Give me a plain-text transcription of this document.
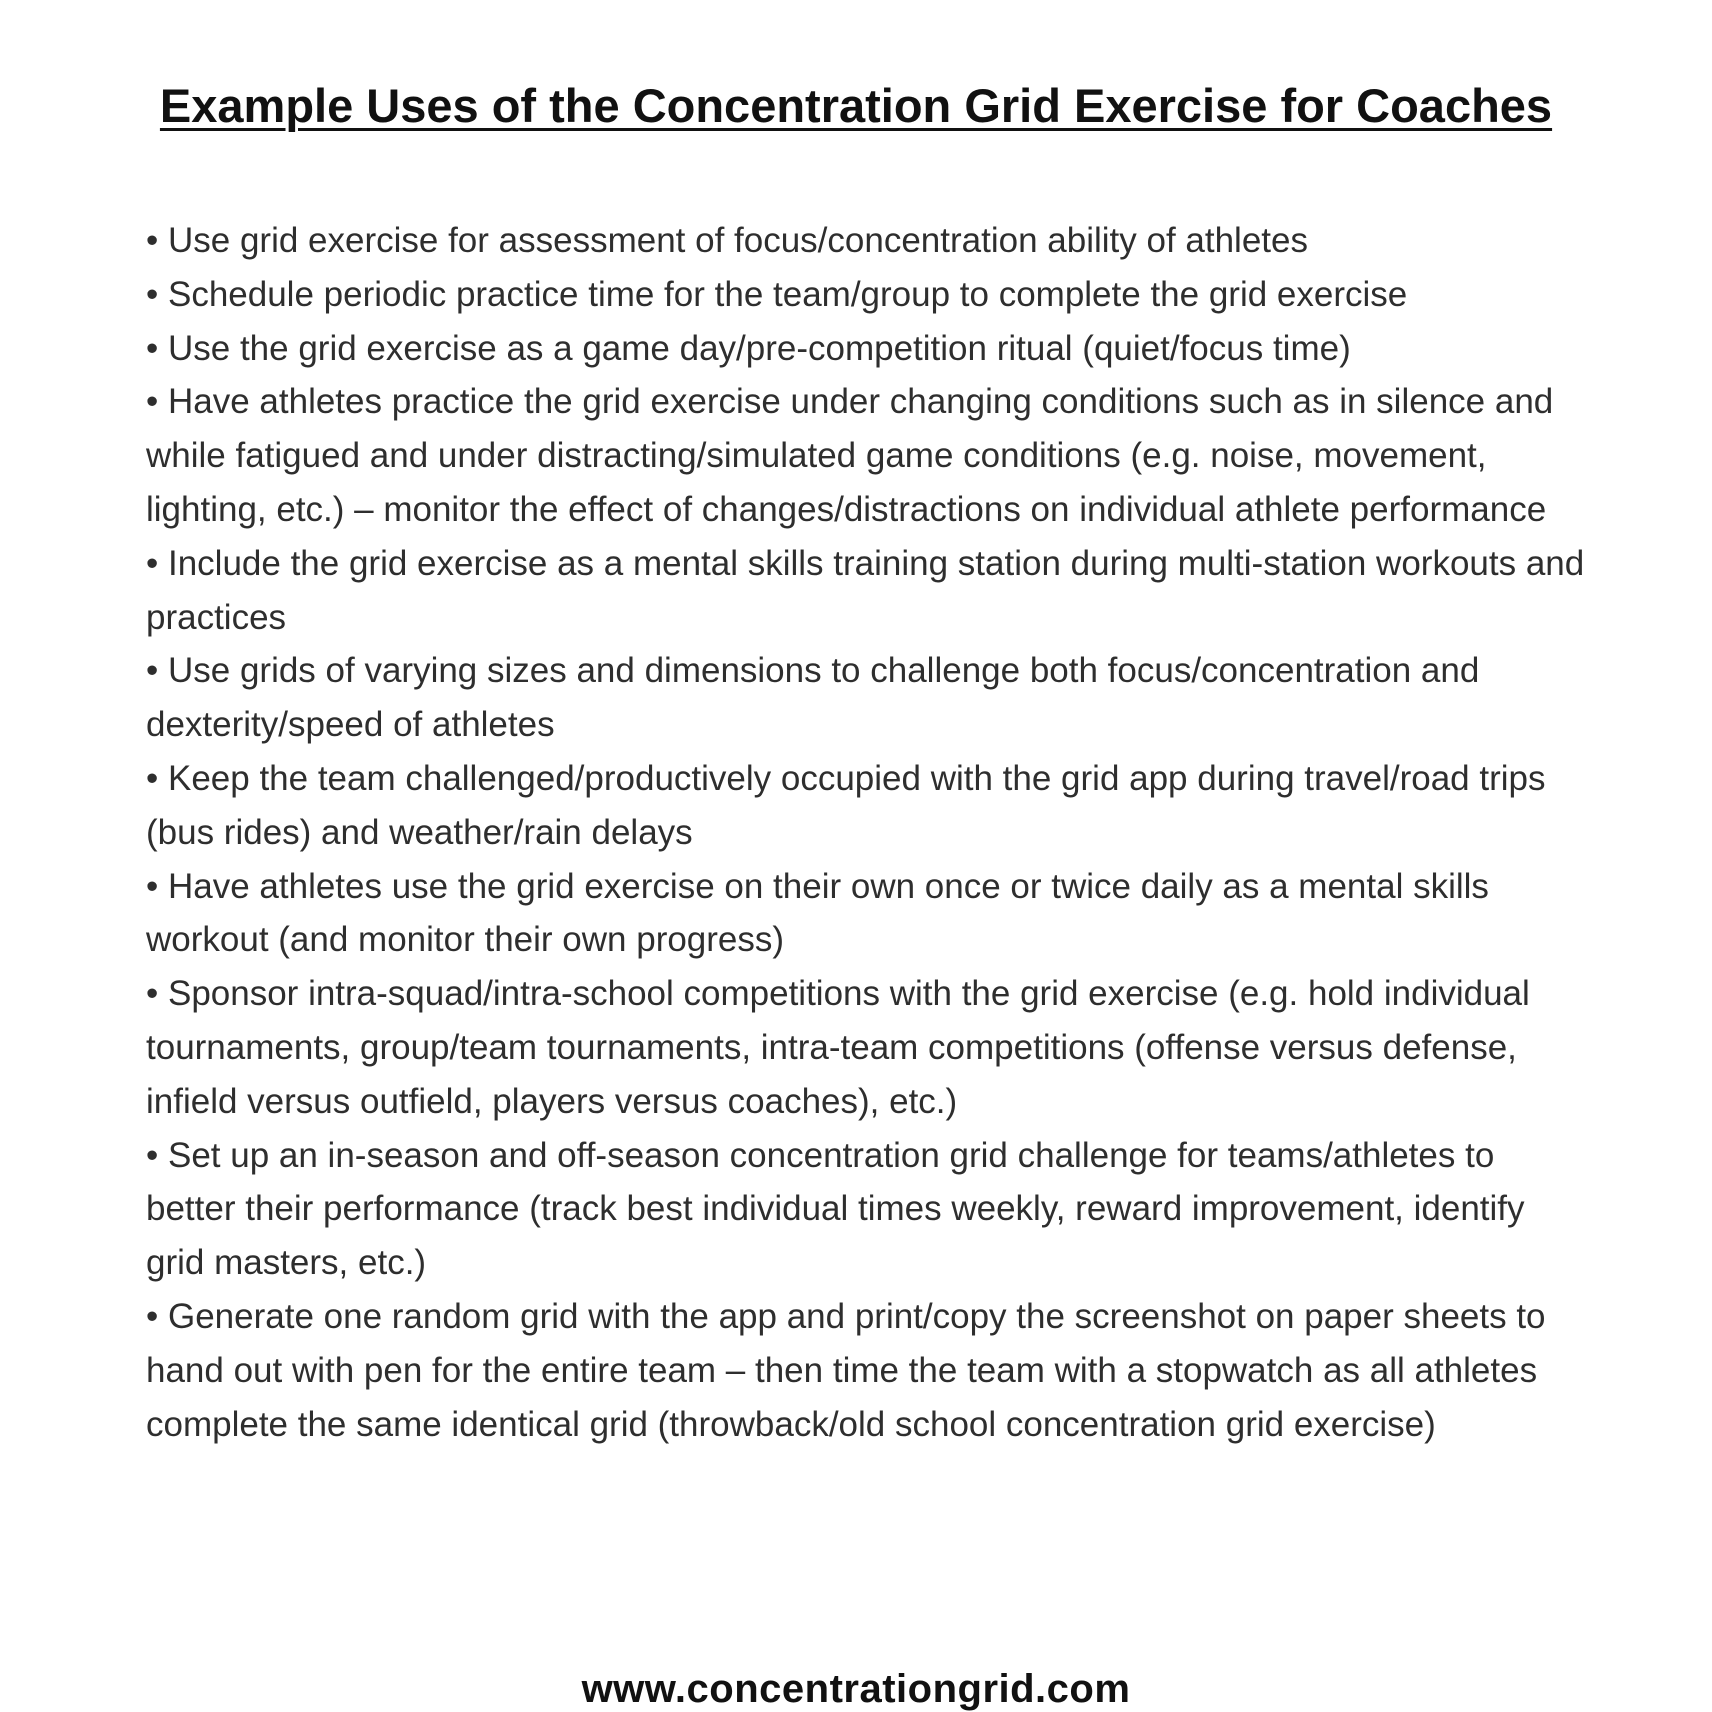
Example Uses of the Concentration Grid Exercise for Coaches
• Use grid exercise for assessment of focus/concentration ability of athletes
• Schedule periodic practice time for the team/group to complete the grid exercise
• Use the grid exercise as a game day/pre-competition ritual (quiet/focus time)
• Have athletes practice the grid exercise under changing conditions such as in silence and while fatigued and under distracting/simulated game conditions (e.g. noise, movement, lighting, etc.) – monitor the effect of changes/distractions on individual athlete performance
• Include the grid exercise as a mental skills training station during multi-station workouts and practices
• Use grids of varying sizes and dimensions to challenge both focus/concentration and dexterity/speed of athletes
• Keep the team challenged/productively occupied with the grid app during travel/road trips (bus rides) and weather/rain delays
• Have athletes use the grid exercise on their own once or twice daily as a mental skills workout (and monitor their own progress)
• Sponsor intra-squad/intra-school competitions with the grid exercise (e.g. hold individual tournaments, group/team tournaments, intra-team competitions (offense versus defense, infield versus outfield, players versus coaches), etc.)
• Set up an in-season and off-season concentration grid challenge for teams/athletes to better their performance (track best individual times weekly, reward improvement, identify grid masters, etc.)
• Generate one random grid with the app and print/copy the screenshot on paper sheets to hand out with pen for the entire team – then time the team with a stopwatch as all athletes complete the same identical grid (throwback/old school concentration grid exercise)
www.concentrationgrid.com
